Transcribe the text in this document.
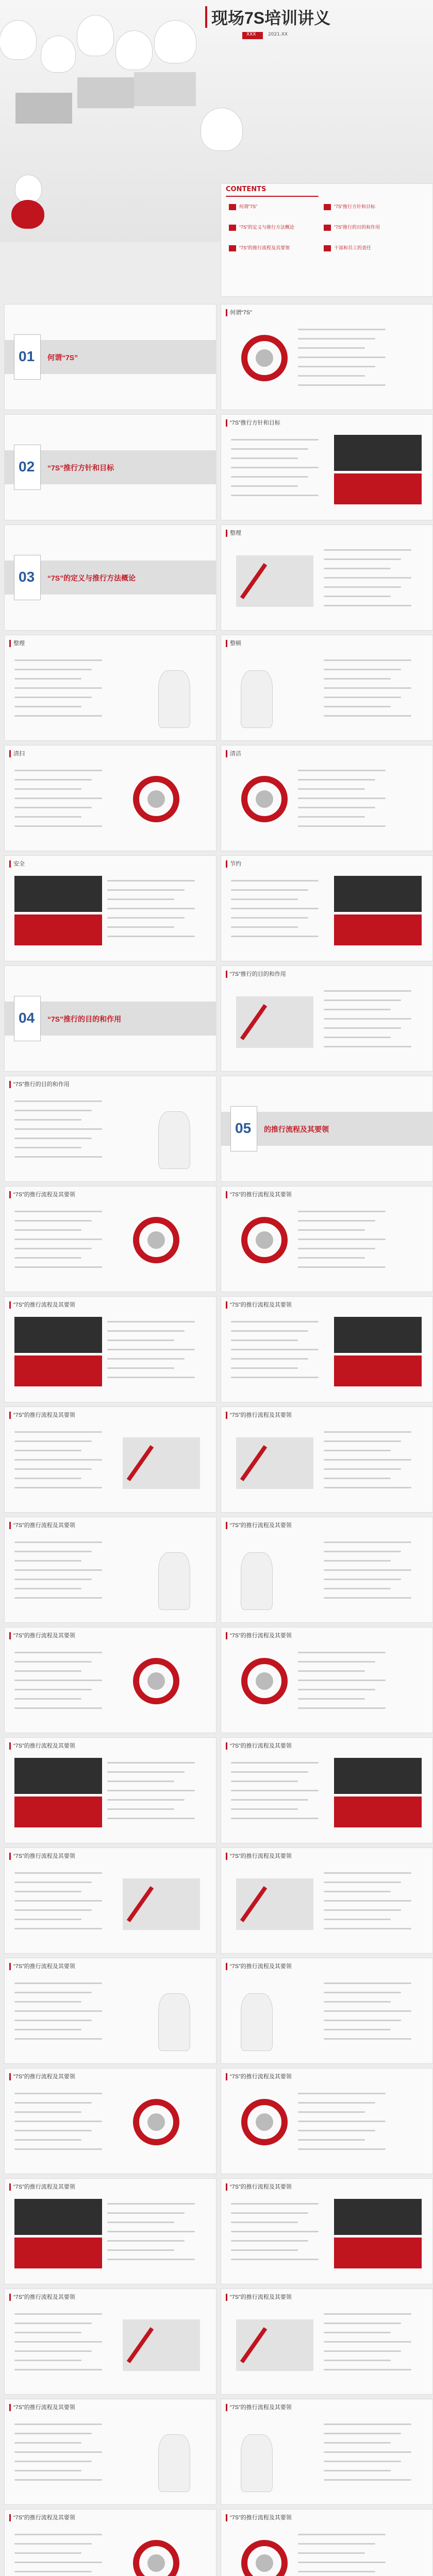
现场7S培训讲义
XXX	2021.XX
CONTENTS
何谓“7S”	“7S”推行方针和目标
“7S”的定义与推行方法概论	“7S”推行的目的和作用
“7S”的推行流程及其要领	干部和员工的责任
01 何谓“7S”
何谓“7S”
02 “7S”推行方针和目标
“7S”推行方针和目标
03 “7S”的定义与推行方法概论
整理
整理	整顿
清扫	清洁
安全	节约
04 “7S”推行的目的和作用
“7S”推行的目的和作用
“7S”推行的目的和作用
05 的推行流程及其要领
“7S”的推行流程及其要领	“7S”的推行流程及其要领
“7S”的推行流程及其要领	“7S”的推行流程及其要领
“7S”的推行流程及其要领	“7S”的推行流程及其要领
“7S”的推行流程及其要领	“7S”的推行流程及其要领
“7S”的推行流程及其要领	“7S”的推行流程及其要领
“7S”的推行流程及其要领	“7S”的推行流程及其要领
“7S”的推行流程及其要领	“7S”的推行流程及其要领
“7S”的推行流程及其要领	“7S”的推行流程及其要领
“7S”的推行流程及其要领	“7S”的推行流程及其要领
“7S”的推行流程及其要领	“7S”的推行流程及其要领
“7S”的推行流程及其要领	“7S”的推行流程及其要领
“7S”的推行流程及其要领	“7S”的推行流程及其要领
“7S”的推行流程及其要领	“7S”的推行流程及其要领
